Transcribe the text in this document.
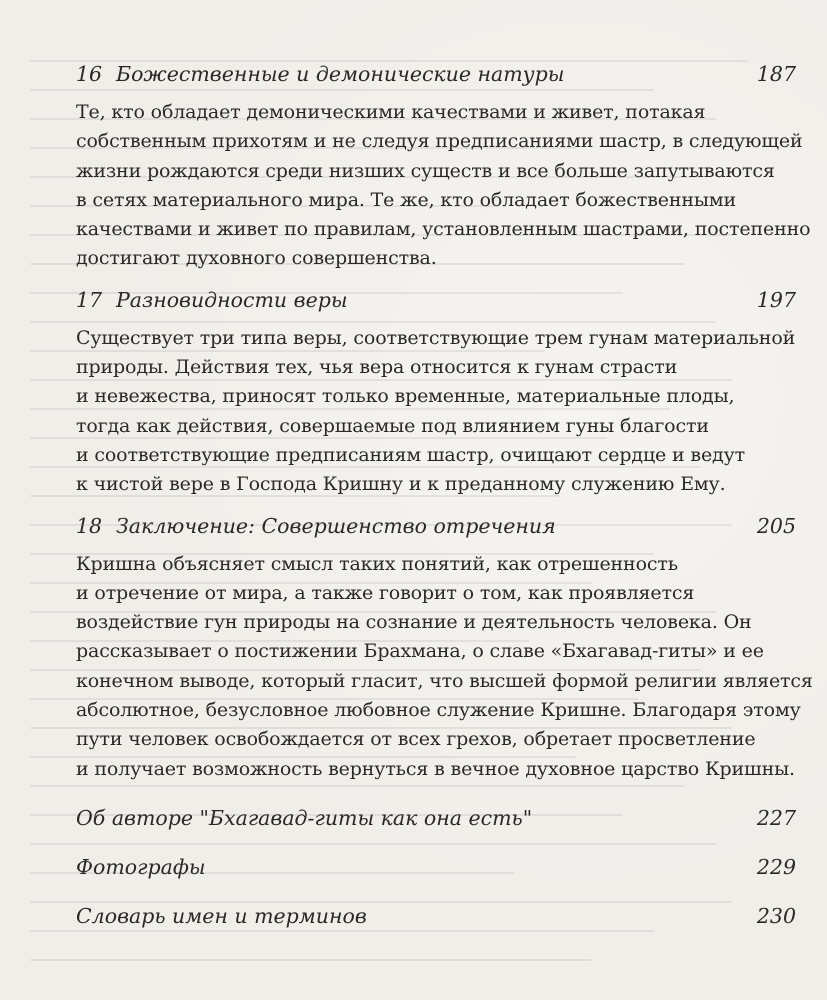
16 Божественные и демонические натуры	187
Те, кто обладает демоническими качествами и живет, потакая
собственным прихотям и не следуя предписаниями шастр, в следующей
жизни рождаются среди низших существ и все больше запутываются
в сетях материального мира. Те же, кто обладает божественными
качествами и живет по правилам, установленным шастрами, постепенно
достигают духовного совершенства.
17 Разновидности веры	197
Существует три типа веры, соответствующие трем гунам материальной
природы. Действия тех, чья вера относится к гунам страсти
и невежества, приносят только временные, материальные плоды,
тогда как действия, совершаемые под влиянием гуны благости
и соответствующие предписаниям шастр, очищают сердце и ведут
к чистой вере в Господа Кришну и к преданному служению Ему.
18 Заключение: Совершенство отречения	205
Кришна объясняет смысл таких понятий, как отрешенность
и отречение от мира, а также говорит о том, как проявляется
воздействие гун природы на сознание и деятельность человека. Он
рассказывает о постижении Брахмана, о славе «Бхагавад-гиты» и ее
конечном выводе, который гласит, что высшей формой религии является
абсолютное, безусловное любовное служение Кришне. Благодаря этому
пути человек освобождается от всех грехов, обретает просветление
и получает возможность вернуться в вечное духовное царство Кришны.
Об авторе "Бхагавад-гиты как она есть"	227
Фотографы	229
Словарь имен и терминов	230
